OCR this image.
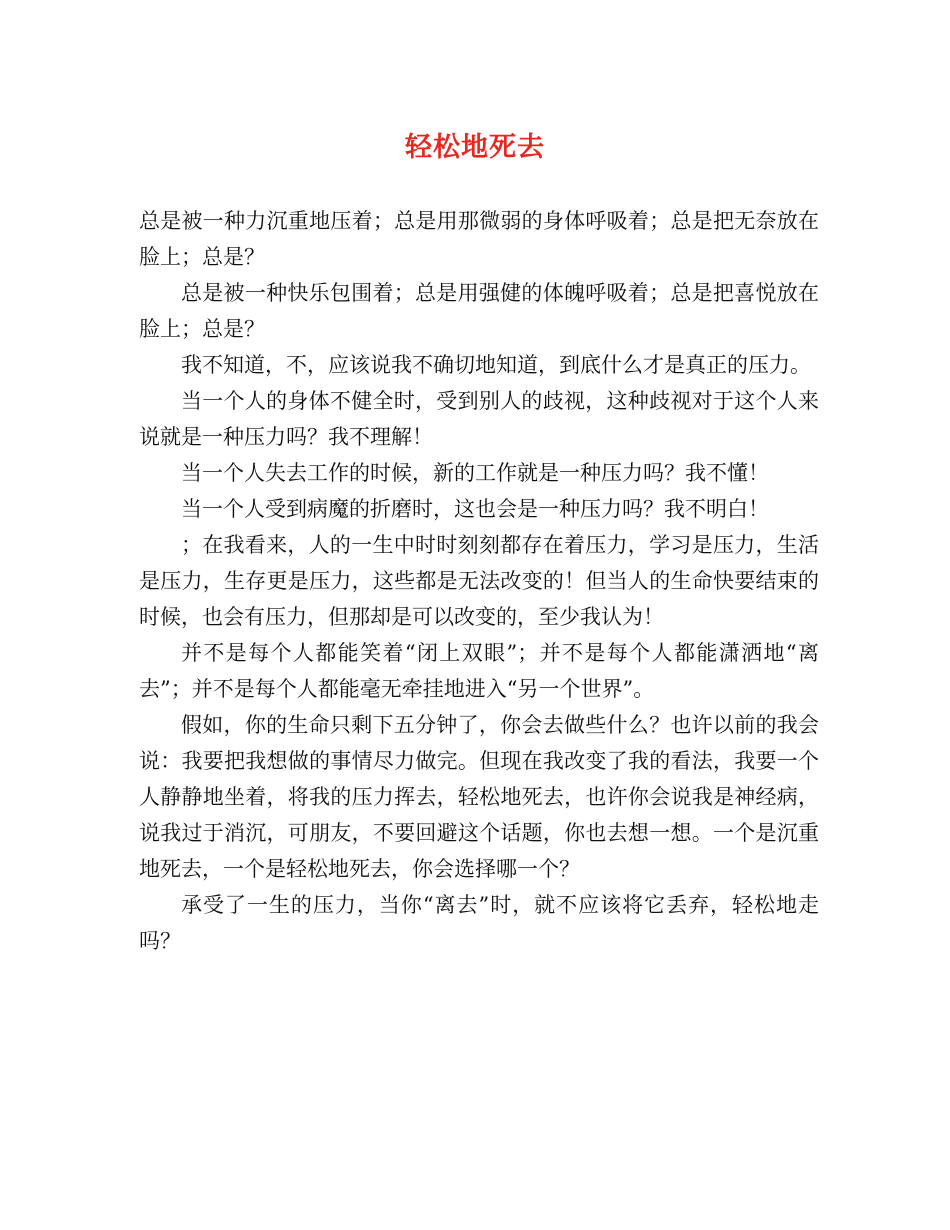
轻松地死去

总是被一种力沉重地压着；总是用那微弱的身体呼吸着；总是把无奈放在脸上；总是？

总是被一种快乐包围着；总是用强健的体魄呼吸着；总是把喜悦放在脸上；总是？

我不知道，不，应该说我不确切地知道，到底什么才是真正的压力。

当一个人的身体不健全时，受到别人的歧视，这种歧视对于这个人来说就是一种压力吗？我不理解！

当一个人失去工作的时候，新的工作就是一种压力吗？我不懂！

当一个人受到病魔的折磨时，这也会是一种压力吗？我不明白！

；在我看来，人的一生中时时刻刻都存在着压力，学习是压力，生活是压力，生存更是压力，这些都是无法改变的！但当人的生命快要结束的时候，也会有压力，但那却是可以改变的，至少我认为！

并不是每个人都能笑着“闭上双眼”；并不是每个人都能潇洒地“离去”；并不是每个人都能毫无牵挂地进入“另一个世界”。

假如，你的生命只剩下五分钟了，你会去做些什么？也许以前的我会说：我要把我想做的事情尽力做完。但现在我改变了我的看法，我要一个人静静地坐着，将我的压力挥去，轻松地死去，也许你会说我是神经病，说我过于消沉，可朋友，不要回避这个话题，你也去想一想。一个是沉重地死去，一个是轻松地死去，你会选择哪一个？

承受了一生的压力，当你“离去”时，就不应该将它丢弃，轻松地走吗？
